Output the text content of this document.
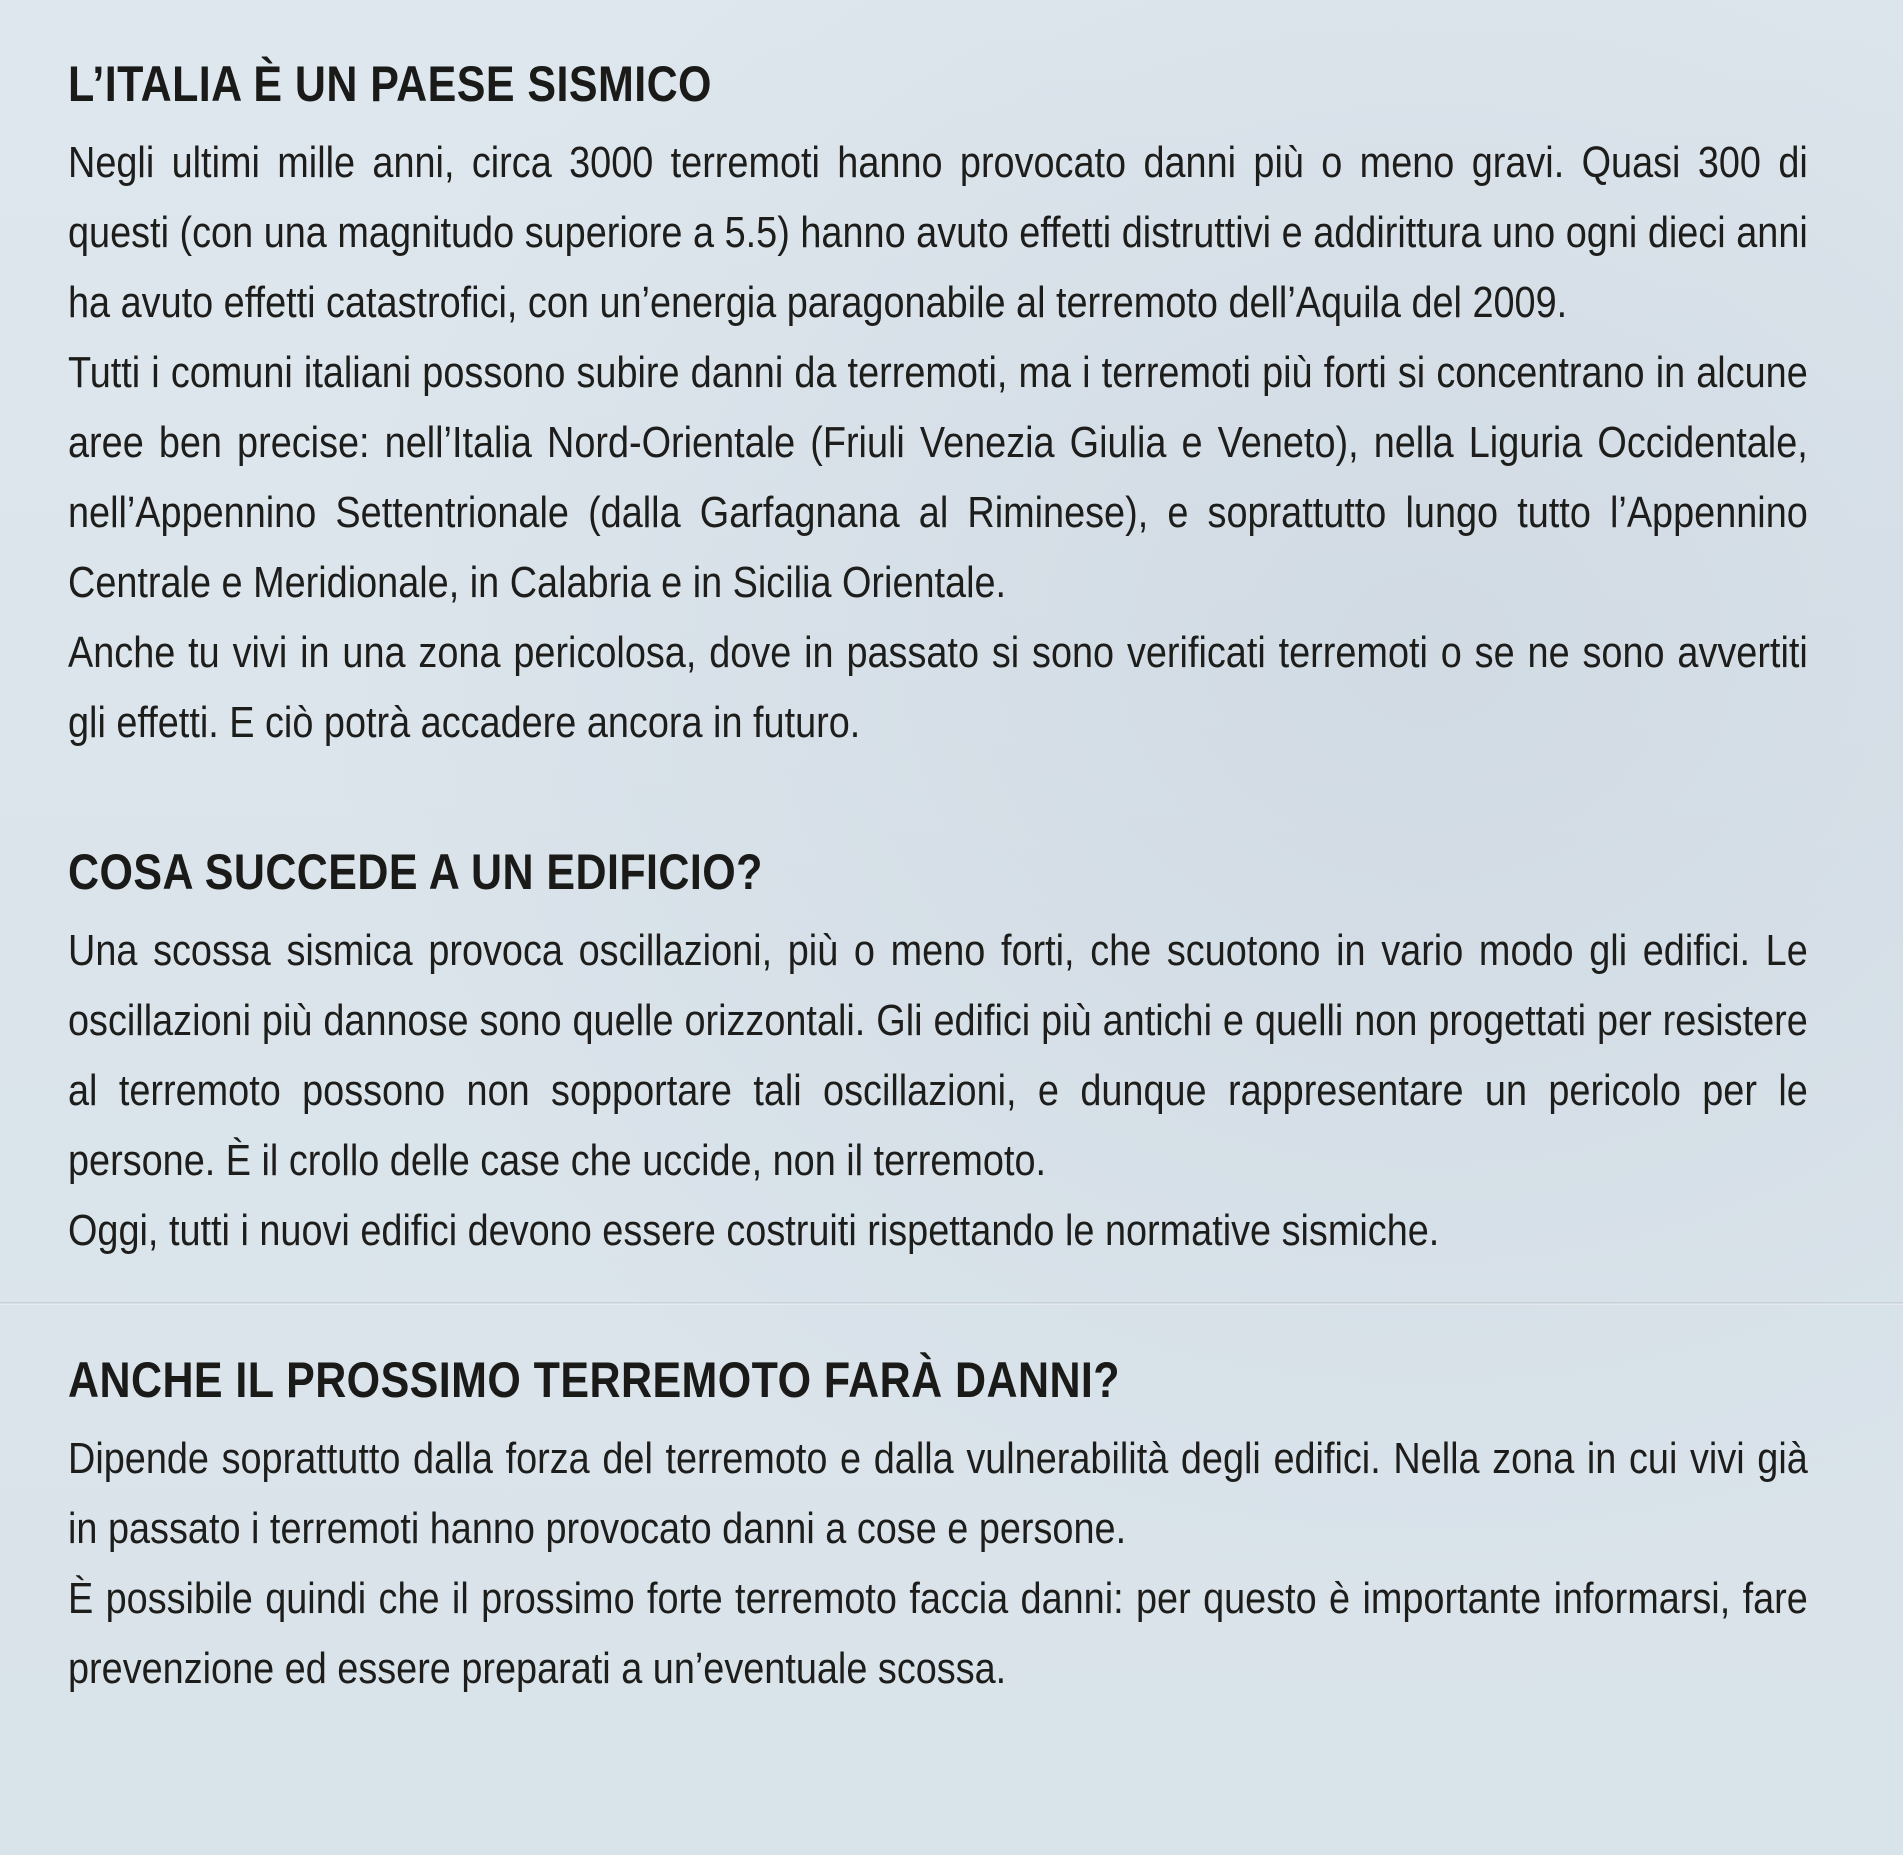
L’ITALIA È UN PAESE SISMICO

Negli ultimi mille anni, circa 3000 terremoti hanno provocato danni più o meno gravi. Quasi 300 di questi (con una magnitudo superiore a 5.5) hanno avuto effetti distruttivi e addirittura uno ogni dieci anni ha avuto effetti catastrofici, con un’energia paragonabile al terremoto dell’Aquila del 2009.

Tutti i comuni italiani possono subire danni da terremoti, ma i terremoti più forti si concentrano in alcune aree ben precise: nell’Italia Nord-Orientale (Friuli Venezia Giulia e Veneto), nella Liguria Occidentale, nell’Appennino Settentrionale (dalla Garfagnana al Riminese), e soprattutto lungo tutto l’Appennino Centrale e Meridionale, in Calabria e in Sicilia Orientale.

Anche tu vivi in una zona pericolosa, dove in passato si sono verificati terremoti o se ne sono avvertiti gli effetti. E ciò potrà accadere ancora in futuro.

COSA SUCCEDE A UN EDIFICIO?

Una scossa sismica provoca oscillazioni, più o meno forti, che scuotono in vario modo gli edifici. Le oscillazioni più dannose sono quelle orizzontali. Gli edifici più antichi e quelli non progettati per resistere al terremoto possono non sopportare tali oscillazioni, e dunque rappresentare un pericolo per le persone. È il crollo delle case che uccide, non il terremoto.

Oggi, tutti i nuovi edifici devono essere costruiti rispettando le normative sismiche.

ANCHE IL PROSSIMO TERREMOTO FARÀ DANNI?

Dipende soprattutto dalla forza del terremoto e dalla vulnerabilità degli edifici. Nella zona in cui vivi già in passato i terremoti hanno provocato danni a cose e persone.

È possibile quindi che il prossimo forte terremoto faccia danni: per questo è importante informarsi, fare prevenzione ed essere preparati a un’eventuale scossa.
